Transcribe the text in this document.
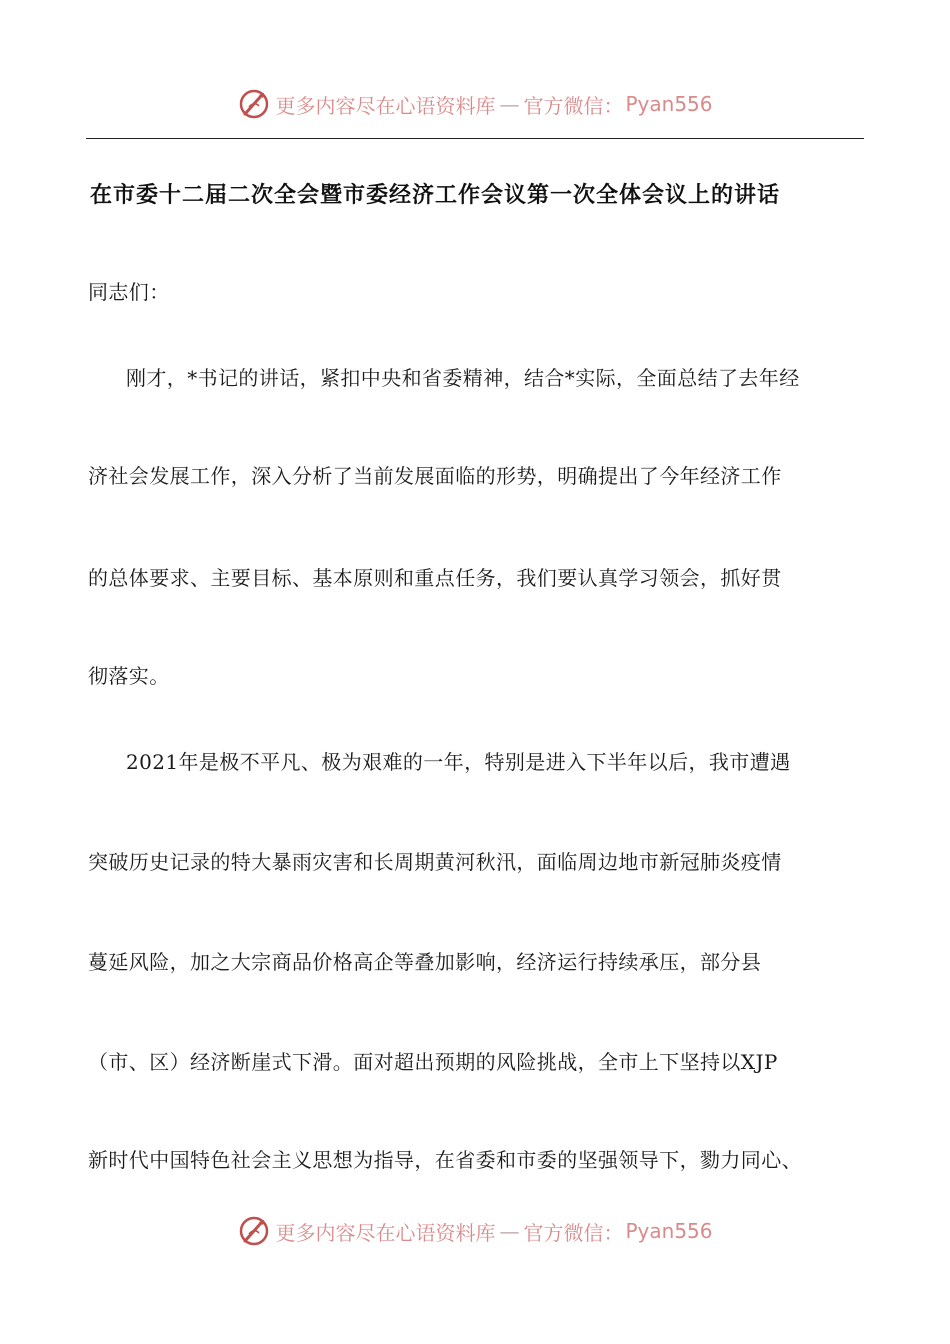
更多内容尽在心语资料库 — 官方微信： Pyan556
在市委十二届二次全会暨市委经济工作会议第一次全体会议上的讲话
同志们：
刚才，*书记的讲话，紧扣中央和省委精神，结合*实际，全面总结了去年经
济社会发展工作，深入分析了当前发展面临的形势，明确提出了今年经济工作
的总体要求、主要目标、基本原则和重点任务，我们要认真学习领会，抓好贯
彻落实。
2021年是极不平凡、极为艰难的一年，特别是进入下半年以后，我市遭遇
突破历史记录的特大暴雨灾害和长周期黄河秋汛，面临周边地市新冠肺炎疫情
蔓延风险，加之大宗商品价格高企等叠加影响，经济运行持续承压，部分县
（市、区）经济断崖式下滑。面对超出预期的风险挑战，全市上下坚持以XJP
新时代中国特色社会主义思想为指导，在省委和市委的坚强领导下，勠力同心、
更多内容尽在心语资料库 — 官方微信： Pyan556
